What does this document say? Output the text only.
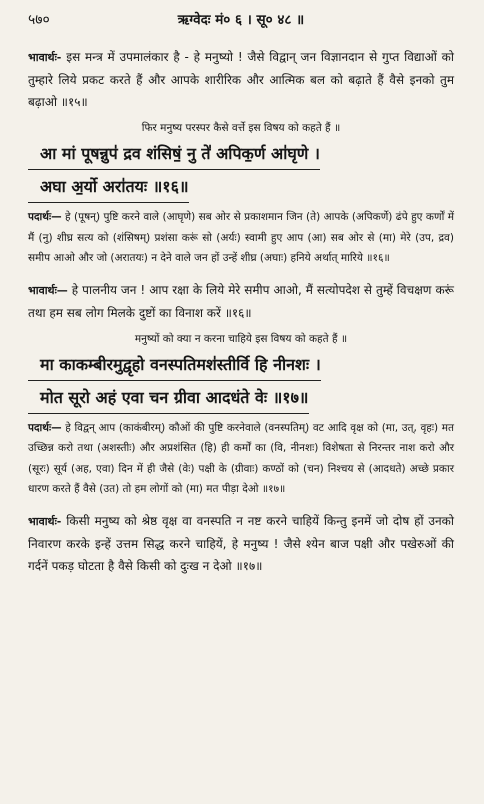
५७०	ऋग्वेदः मं० ६ । सू० ४८ ॥
भावार्थः- इस मन्त्र में उपमालंकार है - हे मनुष्यो ! जैसे विद्वान् जन विज्ञानदान से गुप्त विद्याओं को तुम्हारे लिये प्रकट करते हैं और आपके शारीरिक और आत्मिक बल को बढ़ाते हैं वैसे इनको तुम बढ़ाओ ॥१५॥
फिर मनुष्य परस्पर कैसे वर्त्ते इस विषय को कहते हैं ॥
आ मां पूषन्नुप॑ द्रव शंसिषं॒ नु ते॑ अपिक॒र्ण आ॑घृणे । अघा अ॒र्यो अरा॑तयः ॥१६॥
पदार्थः— हे (पूषन्) पुष्टि करने वाले (आघृणे) सब ओर से प्रकाशमान जिन (ते) आपके (अपिकर्णे) ढंपे हुए कर्णों में मैं (नु) शीघ्र सत्य को (शंसिषम्) प्रशंसा करूं सो (अर्यः) स्वामी हुए आप (आ) सब ओर से (मा) मेरे (उप, द्रव) समीप आओ और जो (अरातयः) न देने वाले जन हों उन्हें शीघ्र (अघाः) हनिये अर्थात् मारिये ॥१६॥
भावार्थः— हे पालनीय जन ! आप रक्षा के लिये मेरे समीप आओ, मैं सत्योपदेश से तुम्हें विचक्षण करूं तथा हम सब लोग मिलके दुष्टों का विनाश करें ॥१६॥
मनुष्यों को क्या न करना चाहिये इस विषय को कहते हैं ॥
मा काकम्बीरमुद्वृहो वनस्पतिमश॑स्तीर्वि हि नीनशः । मोत सूरो अहं एवा चन ग्रीवा आदधंते वेः ॥१७॥
पदार्थः— हे विद्वन् आप (काकंबीरम्) कौओं की पुष्टि करनेवाले (वनस्पतिम्) वट आदि वृक्ष को (मा, उत्, वृहः) मत उच्छिन्न करो तथा (अशस्तीः) और अप्रशंसित (हि) ही कर्मों का (वि, नीनशः) विशेषता से निरन्तर नाश करो और (सूरः) सूर्य (अह, एवा) दिन में ही जैसे (वेः) पक्षी के (ग्रीवाः) कण्ठों को (चन) निश्चय से (आदधते) अच्छे प्रकार धारण करते हैं वैसे (उत) तो हम लोगों को (मा) मत पीड़ा देओ ॥१७॥
भावार्थः- किसी मनुष्य को श्रेष्ठ वृक्ष वा वनस्पति न नष्ट करने चाहियें किन्तु इनमें जो दोष हों उनको निवारण करके इन्हें उत्तम सिद्ध करने चाहियें, हे मनुष्य ! जैसे श्येन बाज पक्षी और पखेरुओं की गर्दनें पकड़ घोटता है वैसे किसी को दुःख न देओ ॥१७॥
